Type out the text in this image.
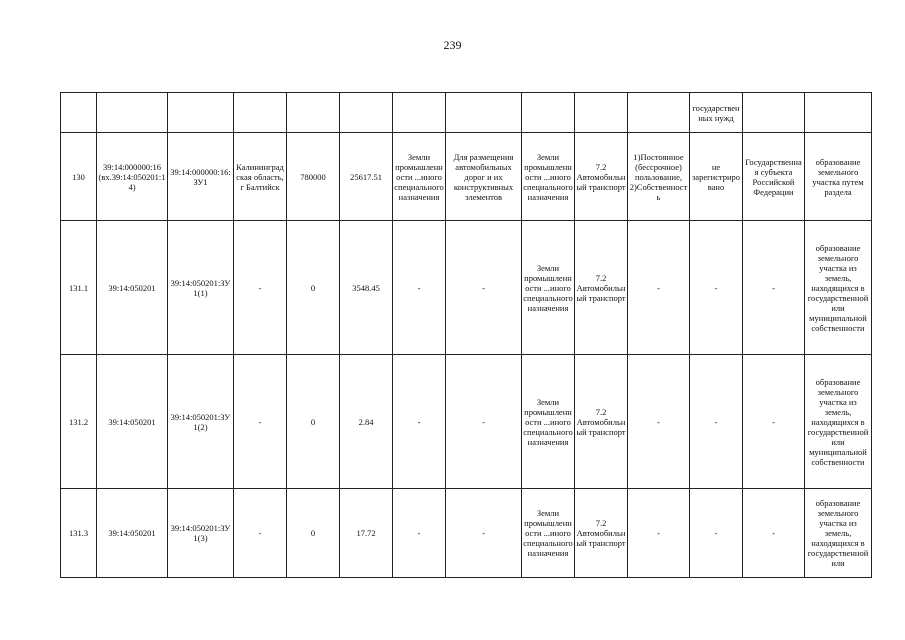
239
											государственных нужд		
130	39:14:000000:16 (вх.39:14:050201:14)	39:14:000000:16:ЗУ1	Калининградская область, г Балтийск	780000	25617.51	Земли промышленности ...иного специального назначения	Для размещения автомобильных дорог и их конструктивных элементов	Земли промышленности ...иного специального назначения	7.2 Автомобильный транспорт	1)Постоянное (бессрочное) пользование, 2)Собственность	не зарегистрировано	Государственная субъекта Российской Федерации	образование земельного участка путем раздела
131.1	39:14:050201	39:14:050201:ЗУ1(1)	-	0	3548.45	-	-	Земли промышленности ...иного специального назначения	7.2 Автомобильный транспорт	-	-	-	образование земельного участка из земель, находящихся в государственной или муниципальной собственности
131.2	39:14:050201	39:14:050201:ЗУ1(2)	-	0	2.84	-	-	Земли промышленности ...иного специального назначения	7.2 Автомобильный транспорт	-	-	-	образование земельного участка из земель, находящихся в государственной или муниципальной собственности
131.3	39:14:050201	39:14:050201:ЗУ1(3)	-	0	17.72	-	-	Земли промышленности ...иного специального назначения	7.2 Автомобильный транспорт	-	-	-	образование земельного участка из земель, находящихся в государственной или
